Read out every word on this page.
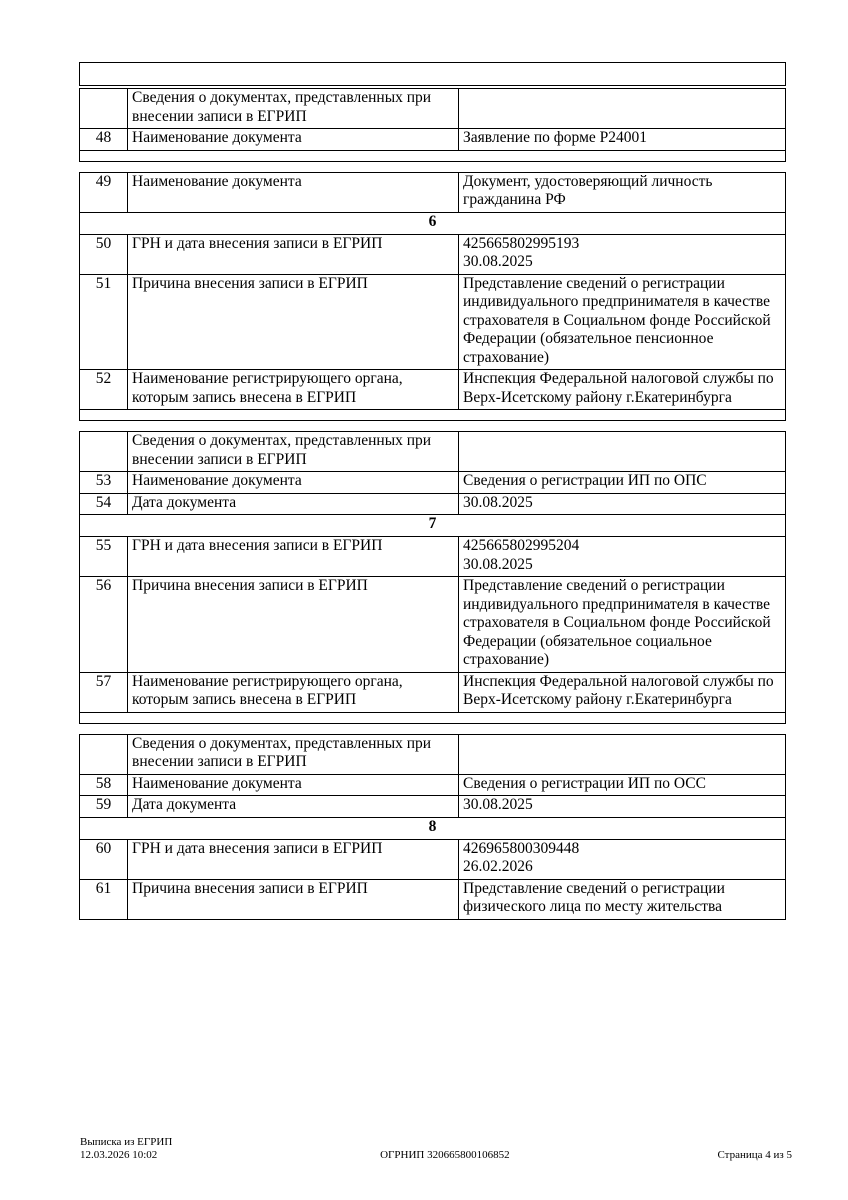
	Сведения о документах, представленных при внесении записи в ЕГРИП	
48	Наименование документа	Заявление по форме Р24001

49	Наименование документа	Документ, удостоверяющий личность гражданина РФ
6		
50	ГРН и дата внесения записи в ЕГРИП	425665802995193
30.08.2025
51	Причина внесения записи в ЕГРИП	Представление сведений о регистрации индивидуального предпринимателя в качестве страхователя в Социальном фонде Российской Федерации (обязательное пенсионное страхование)
52	Наименование регистрирующего органа, которым запись внесена в ЕГРИП	Инспекция Федеральной налоговой службы по Верх-Исетскому району г.Екатеринбурга

	Сведения о документах, представленных при внесении записи в ЕГРИП	
53	Наименование документа	Сведения о регистрации ИП по ОПС
54	Дата документа	30.08.2025
7		
55	ГРН и дата внесения записи в ЕГРИП	425665802995204
30.08.2025
56	Причина внесения записи в ЕГРИП	Представление сведений о регистрации индивидуального предпринимателя в качестве страхователя в Социальном фонде Российской Федерации (обязательное социальное страхование)
57	Наименование регистрирующего органа, которым запись внесена в ЕГРИП	Инспекция Федеральной налоговой службы по Верх-Исетскому району г.Екатеринбурга

	Сведения о документах, представленных при внесении записи в ЕГРИП	
58	Наименование документа	Сведения о регистрации ИП по ОСС
59	Дата документа	30.08.2025
8		
60	ГРН и дата внесения записи в ЕГРИП	426965800309448
26.02.2026
61	Причина внесения записи в ЕГРИП	Представление сведений о регистрации физического лица по месту жительства
Выписка из ЕГРИП
12.03.2026 10:02	ОГРНИП 320665800106852	Страница 4 из 5
